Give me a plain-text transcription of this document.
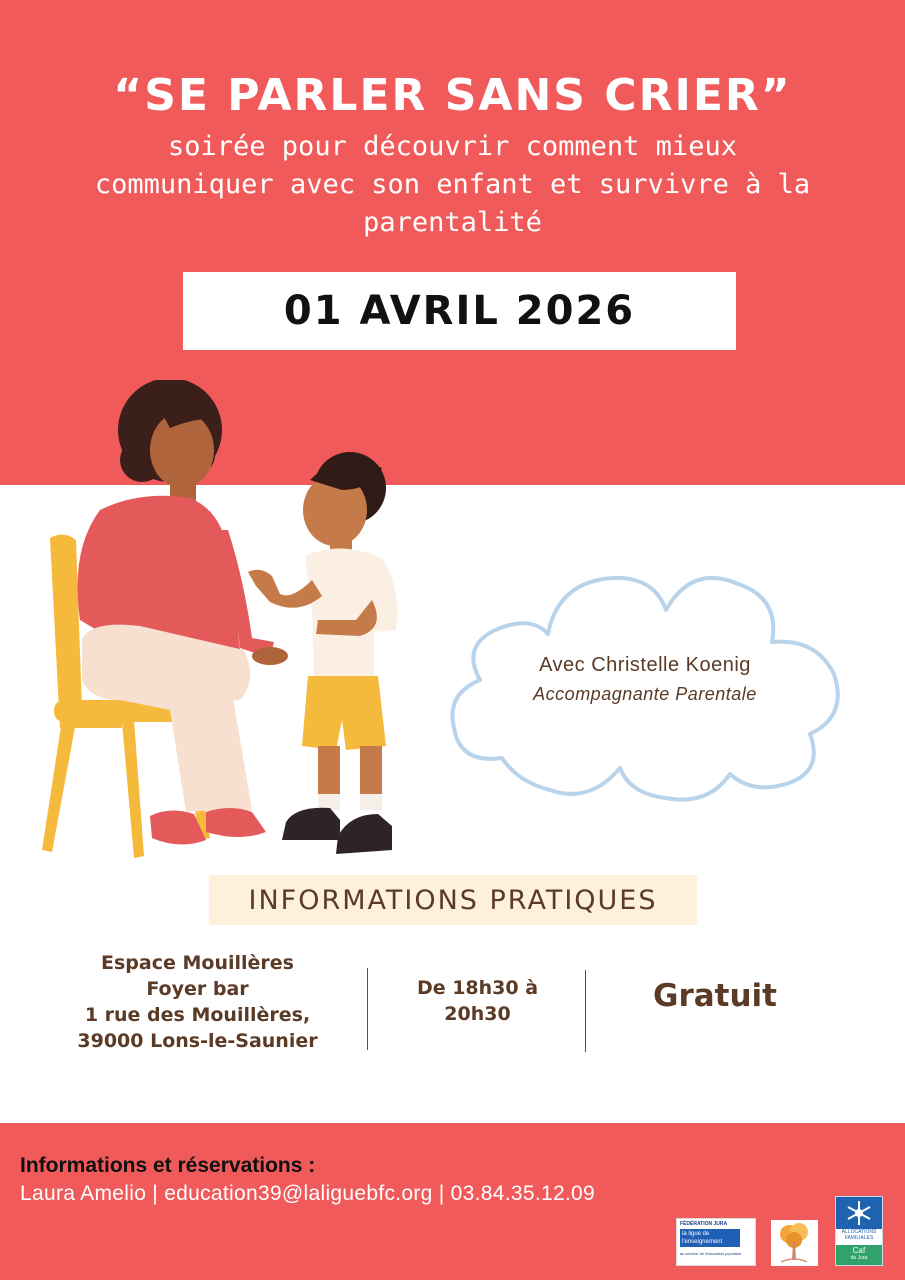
“SE PARLER SANS CRIER”
soirée pour découvrir comment mieux
communiquer avec son enfant et survivre à la
parentalité
01 AVRIL 2026
Avec Christelle Koenig
Accompagnante Parentale
INFORMATIONS PRATIQUES
Espace Mouillères
Foyer bar
1 rue des Mouillères,
39000 Lons-le-Saunier
De 18h30 à
20h30	Gratuit
Informations et réservations :
Laura Amelio | education39@laliguebfc.org | 03.84.35.12.09
FÉDÉRATION JURA
la ligue de l'enseignement
au service de l'éducation populaire
ALLOCATIONS FAMILIALES
Caf
du Jura
